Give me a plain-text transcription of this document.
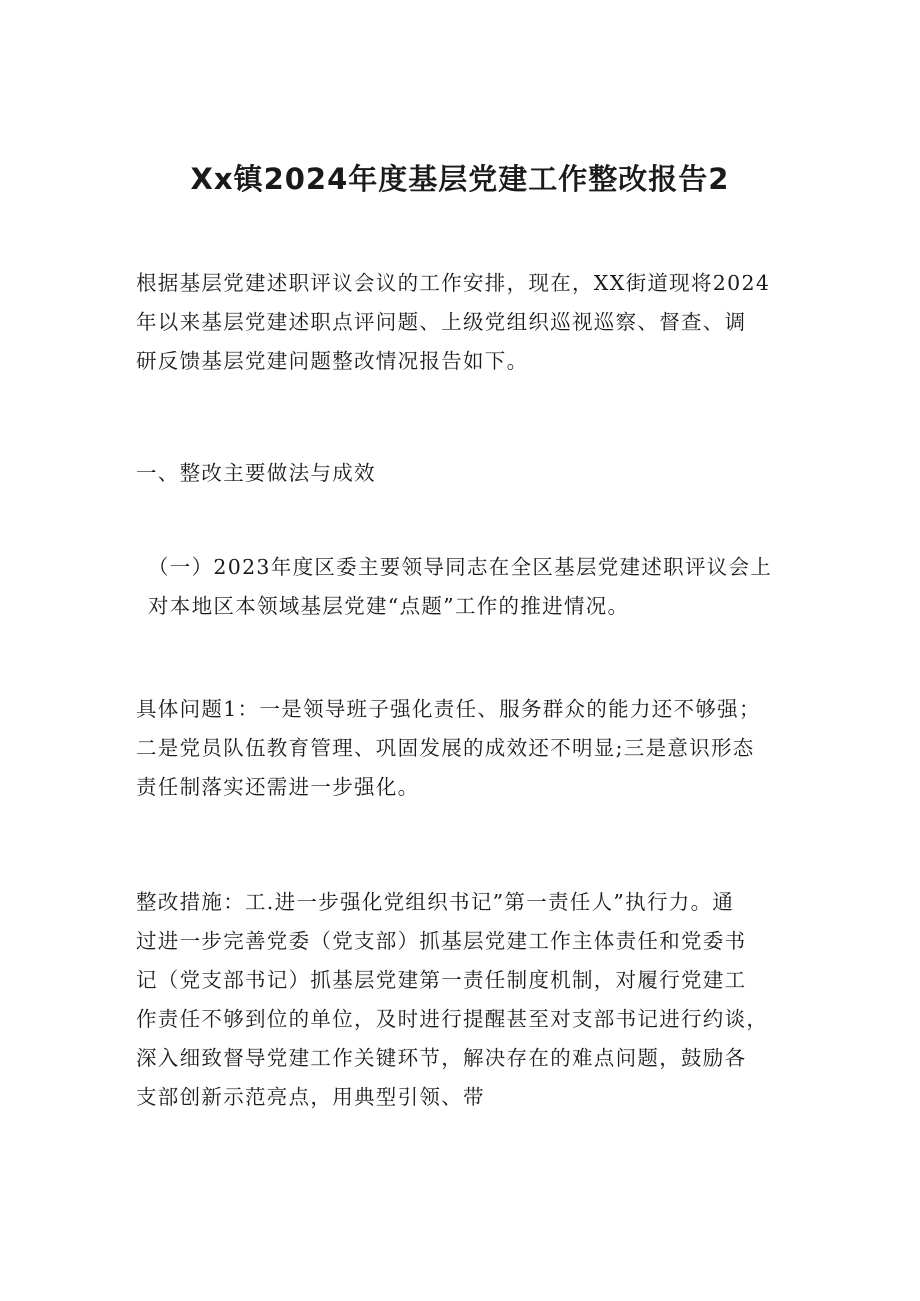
Xx镇2024年度基层党建工作整改报告2

根据基层党建述职评议会议的工作安排，现在，XX街道现将2024
年以来基层党建述职点评问题、上级党组织巡视巡察、督查、调
研反馈基层党建问题整改情况报告如下。

一、整改主要做法与成效

（一）2023年度区委主要领导同志在全区基层党建述职评议会上
对本地区本领域基层党建“点题”工作的推进情况。

具体问题1：一是领导班子强化责任、服务群众的能力还不够强；
二是党员队伍教育管理、巩固发展的成效还不明显;三是意识形态
责任制落实还需进一步强化。

整改措施：工.进一步强化党组织书记”第一责任人”执行力。通
过进一步完善党委（党支部）抓基层党建工作主体责任和党委书
记（党支部书记）抓基层党建第一责任制度机制，对履行党建工
作责任不够到位的单位，及时进行提醒甚至对支部书记进行约谈，
深入细致督导党建工作关键环节，解决存在的难点问题，鼓励各
支部创新示范亮点，用典型引领、带
